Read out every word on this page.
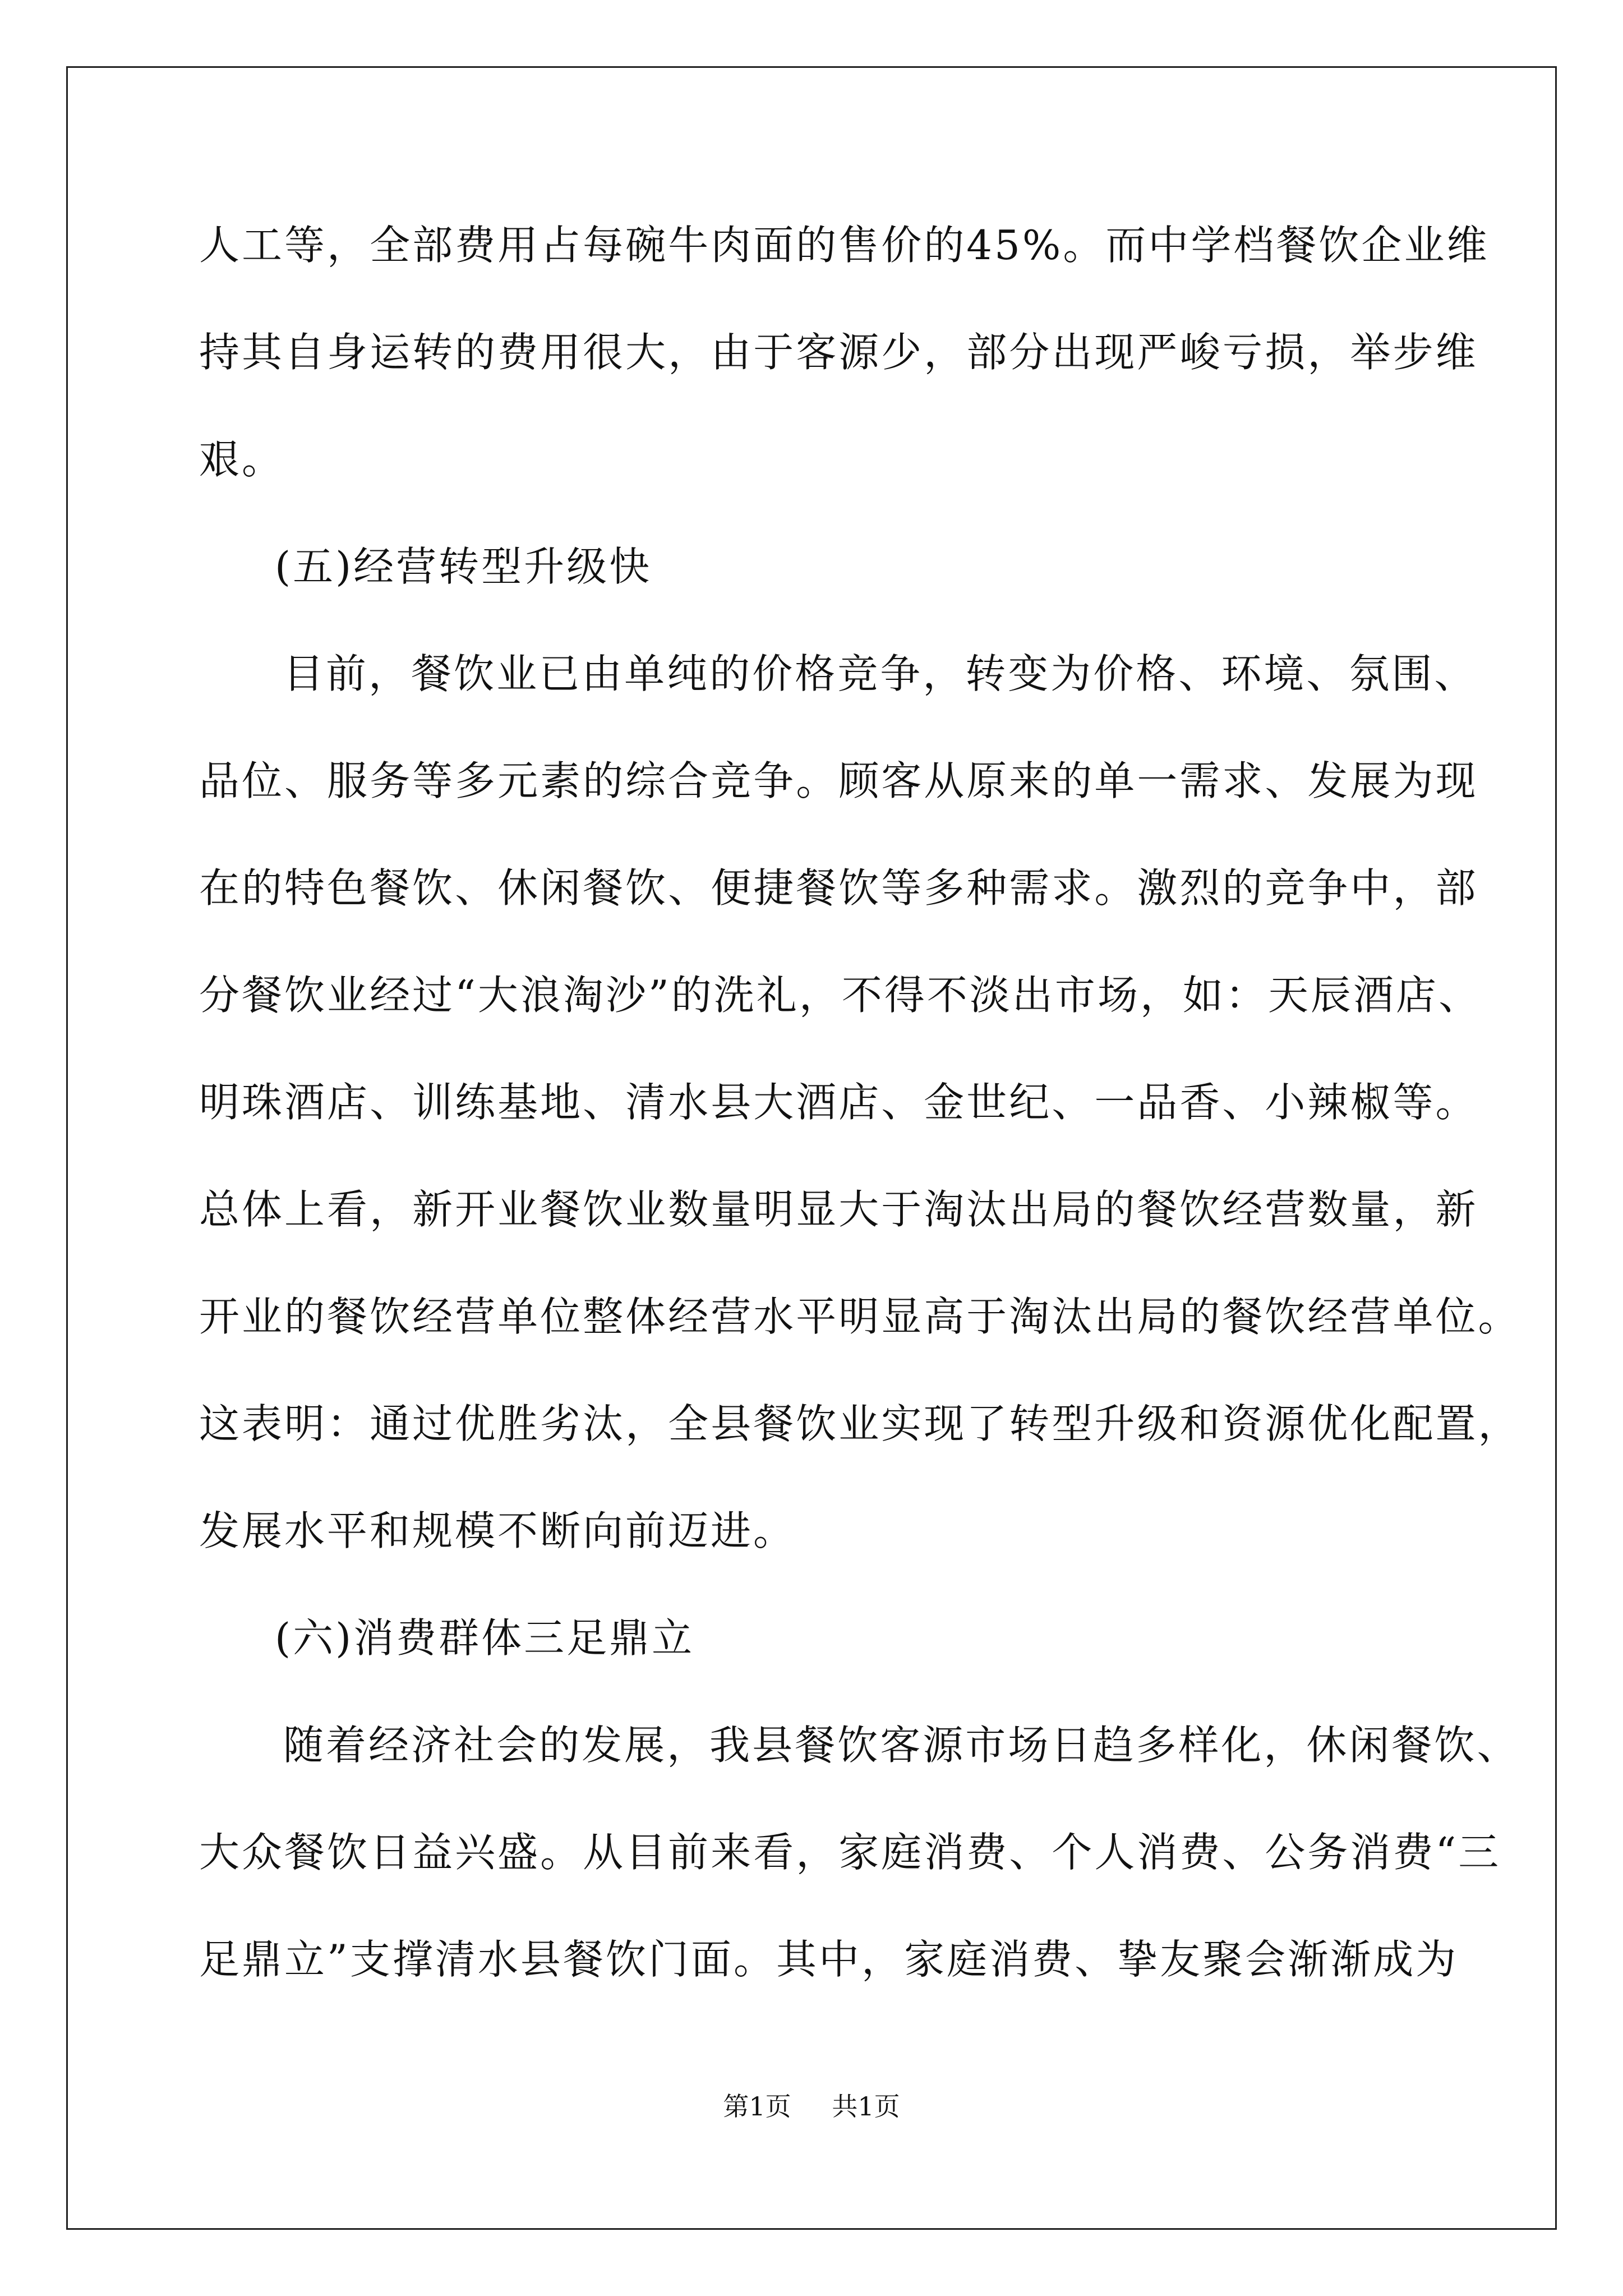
人 工 等 ， 全 部 费 用 占 每 碗 牛 肉 面 的 售 价 的 4 5 % 。 而 中 学 档 餐 饮 企 业 维
持 其 自 身 运 转 的 费 用 很 大 ， 由 于 客 源 少 ， 部 分 出 现 严 峻 亏 损 ， 举 步 维
艰。
(五)经营转型升级快
目 前 ， 餐 饮 业 已 由 单 纯 的 价 格 竞 争 ， 转 变 为 价 格 、 环 境 、 氛 围 、
品 位 、 服 务 等 多 元 素 的 综 合 竞 争 。 顾 客 从 原 来 的 单 一 需 求 、 发 展 为 现
在 的 特 色 餐 饮 、 休 闲 餐 饮 、 便 捷 餐 饮 等 多 种 需 求 。 激 烈 的 竞 争 中 ， 部
分 餐 饮 业 经 过 “ 大 浪 淘 沙 ” 的 洗 礼 ， 不 得 不 淡 出 市 场 ， 如 ： 天 辰 酒 店 、
明 珠 酒 店 、 训 练 基 地 、 清 水 县 大 酒 店 、 金 世 纪 、 一 品 香 、 小 辣 椒 等 。
总 体 上 看 ， 新 开 业 餐 饮 业 数 量 明 显 大 于 淘 汰 出 局 的 餐 饮 经 营 数 量 ， 新
开 业 的 餐 饮 经 营 单 位 整 体 经 营 水 平 明 显 高 于 淘 汰 出 局 的 餐 饮 经 营 单 位 。
这 表 明 ： 通 过 优 胜 劣 汰 ， 全 县 餐 饮 业 实 现 了 转 型 升 级 和 资 源 优 化 配 置 ，
发展水平和规模不断向前迈进。
(六)消费群体三足鼎立
随 着 经 济 社 会 的 发 展 ， 我 县 餐 饮 客 源 市 场 日 趋 多 样 化 ， 休 闲 餐 饮 、
大 众 餐 饮 日 益 兴 盛 。 从 目 前 来 看 ， 家 庭 消 费 、 个 人 消 费 、 公 务 消 费 “ 三
足 鼎 立 ” 支 撑 清 水 县 餐 饮 门 面 。 其 中 ， 家 庭 消 费 、 挚 友 聚 会 渐 渐 成 为
第1页 共1页
